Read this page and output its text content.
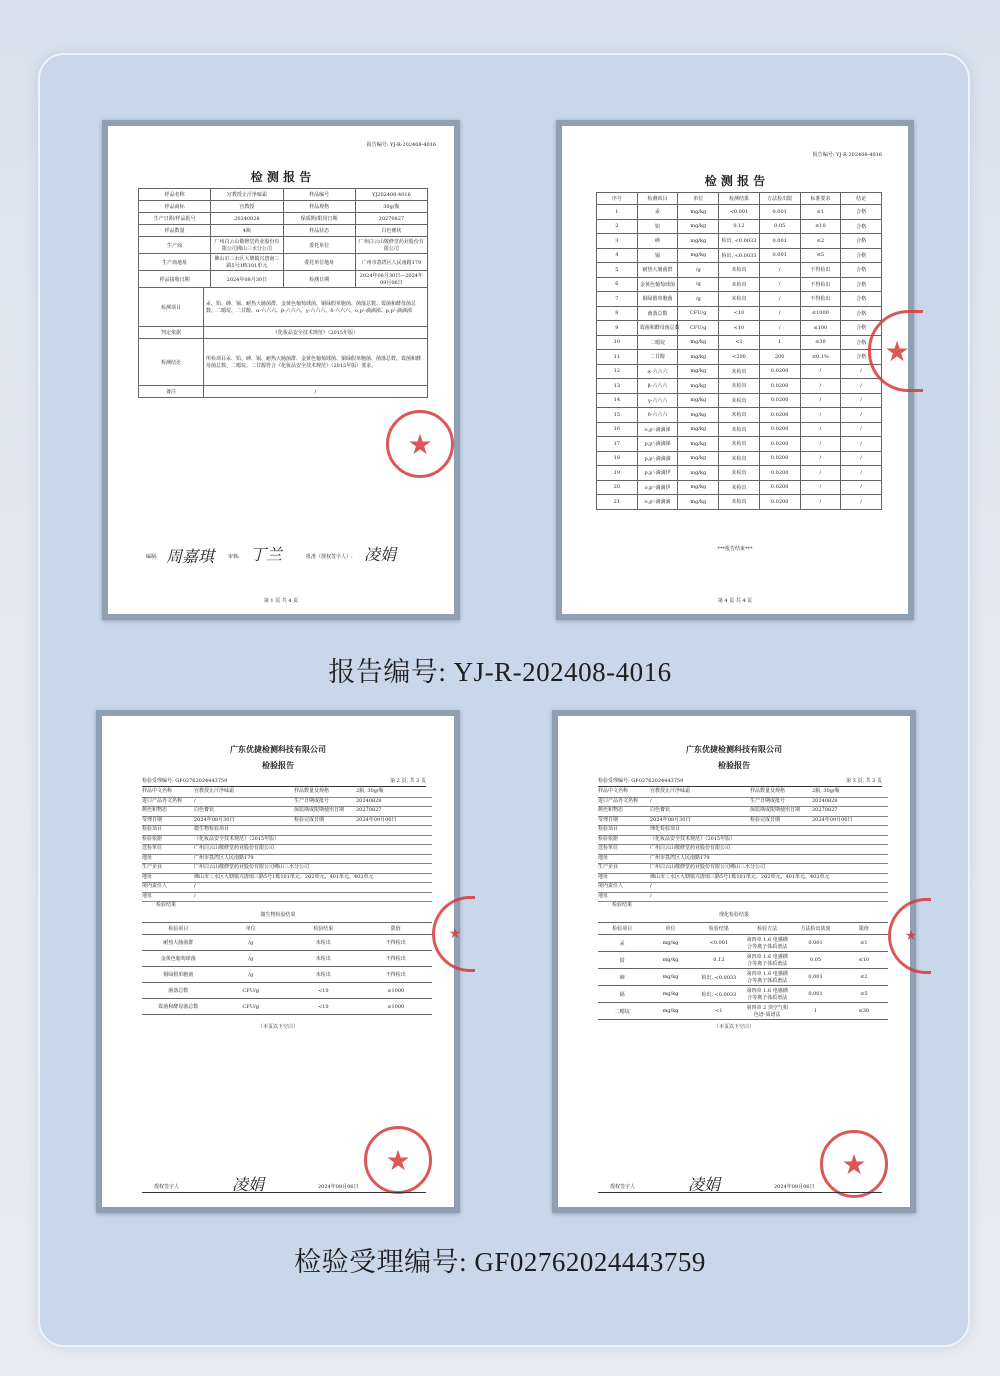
报告编号: YJ-R-202408-4016
检 测 报 告
样品名称	宫教授止汗净味霜	样品编号	YJ202408-4016
样品商标	宫教授	样品规格	30g/瓶
生产日期/样品批号	20240828	保质期/限用日期	20270827
样品数量	4瓶	样品状态	白色膏状
生产商	广州白云山敬修堂药业股份有限公司佛山三水分公司	委托单位	广州白云山敬修堂药业股份有限公司
生产商地址	佛山市三水区大塘镇兴唐南三路5号1栋101单元	委托单位地址	广州市荔湾区人民南路179
样品接收日期	2024年08月30日	检测日期	2024年08月30日—2024年09月06日
检测项目	汞、铅、砷、镉、耐热大肠菌群、金黄色葡萄球菌、铜绿假单胞菌、菌落总数、霉菌和酵母菌总数、二噁烷、二甘醇、α-六六六、β-六六六、γ-六六六、δ-六六六、o,p'-滴滴涕、p,p'-滴滴涕
判定依据	《化妆品安全技术规范》（2015年版）
检测结论	所检项目汞、铅、砷、镉、耐热大肠菌群、金黄色葡萄球菌、铜绿假单胞菌、菌落总数、霉菌和酵母菌总数、二噁烷、二甘醇符合《化妆品安全技术规范》（2015年版）要求。
备注	/
★
编制: 周嘉琪	审核: 丁兰	批准（授权签字人）: 凌娟
第 1 页 共 4 页
报告编号: YJ-R-202408-4016
检 测 报 告
序号	检测项目	单位	检测结果	方法检出限	标准要求	结论
1	汞	mg/kg	<0.001	0.001	≤1	合格
2	铅	mg/kg	0.12	0.05	≤10	合格
3	砷	mg/kg	检出, <0.0033	0.001	≤2	合格
4	镉	mg/kg	检出, <0.0033	0.001	≤5	合格
5	耐热大肠菌群	/g	未检出	/	不得检出	合格
6	金黄色葡萄球菌	/g	未检出	/	不得检出	合格
7	铜绿假单胞菌	/g	未检出	/	不得检出	合格
8	菌落总数	CFU/g	<10	/	≤1000	合格
9	霉菌和酵母菌总数	CFU/g	<10	/	≤100	合格
10	二噁烷	mg/kg	<1	1	≤30	合格
11	二甘醇	mg/kg	<200	200	≤0.1%	合格
12	α-六六六	mg/kg	未检出	0.0200	/	/
13	β-六六六	mg/kg	未检出	0.0200	/	/
14	γ-六六六	mg/kg	未检出	0.0200	/	/
15	δ-六六六	mg/kg	未检出	0.0200	/	/
16	o,p'-滴滴涕	mg/kg	未检出	0.0200	/	/
17	p,p'-滴滴涕	mg/kg	未检出	0.0200	/	/
18	p,p'-滴滴滴	mg/kg	未检出	0.0200	/	/
19	p,p'-滴滴伊	mg/kg	未检出	0.0200	/	/
20	o,p'-滴滴伊	mg/kg	未检出	0.0200	/	/
21	o,p'-滴滴滴	mg/kg	未检出	0.0200	/	/
★
***报告结束***
第 4 页 共 4 页
报告编号: YJ-R-202408-4016
广东优捷检测科技有限公司
检验报告
检验受理编号: GF02762024443759	第 2 页, 共 3 页
样品中文名称	宫教授止汗净味霜	样品数量及规格	2瓶, 30g/瓶
进口产品外文名称	/	生产日期或批号	20240828
颜色和物态	白色膏状	保质期或限期使用日期	20270827
受理日期	2024年08月30日	检验完成日期	2024年09月06日
检验项目	微生物检验项目
检验依据	《化妆品安全技术规范》（2015年版）
送检单位	广州白云山敬修堂药业股份有限公司
地址	广州市荔湾区人民南路179
生产企业	广州白云山敬修堂药业股份有限公司佛山三水分公司
地址	佛山市三水区大塘镇兴唐南三路5号1栋101单元、202单元、401单元、402单元
境内责任人	/
地址	/
检验结果
微生物检验结果
检验项目	单位	检验结果	限值
耐热大肠菌群	/g	未检出	不得检出
金黄色葡萄球菌	/g	未检出	不得检出
铜绿假单胞菌	/g	未检出	不得检出
菌落总数	CFU/g	<10	≤1000
霉菌和酵母菌总数	CFU/g	<10	≤1000
（本页以下空白）
★
★
授权签字人	凌娟	2024年09月06日
广东优捷检测科技有限公司
检验报告
检验受理编号: GF02762024443759	第 3 页, 共 3 页
样品中文名称	宫教授止汗净味霜	样品数量及规格	2瓶, 30g/瓶
进口产品外文名称	/	生产日期或批号	20240828
颜色和物态	白色膏状	保质期或限期使用日期	20270827
受理日期	2024年08月30日	检验完成日期	2024年09月06日
检验项目	理化检验项目
检验依据	《化妆品安全技术规范》（2015年版）
送检单位	广州白云山敬修堂药业股份有限公司
地址	广州市荔湾区人民南路179
生产企业	广州白云山敬修堂药业股份有限公司佛山三水分公司
地址	佛山市三水区大塘镇兴唐南三路5号1栋101单元、202单元、401单元、402单元
境内责任人	/
地址	/
检验结果
理化检验结果
检验项目	单位	检验结果	检验方法	方法检出浓度	限值
汞	mg/kg	<0.001	第四章 1.6 电感耦合等离子体质谱法	0.001	≤1
铅	mg/kg	0.12	第四章 1.6 电感耦合等离子体质谱法	0.05	≤10
砷	mg/kg	检出, <0.0033	第四章 1.6 电感耦合等离子体质谱法	0.001	≤2
镉	mg/kg	检出, <0.0033	第四章 1.6 电感耦合等离子体质谱法	0.001	≤5
二噁烷	mg/kg	<1	第四章 2 顶空气相色谱-质谱法	1	≤30
（本页以下空白）
★
★
授权签字人	凌娟	2024年09月06日
检验受理编号: GF02762024443759
